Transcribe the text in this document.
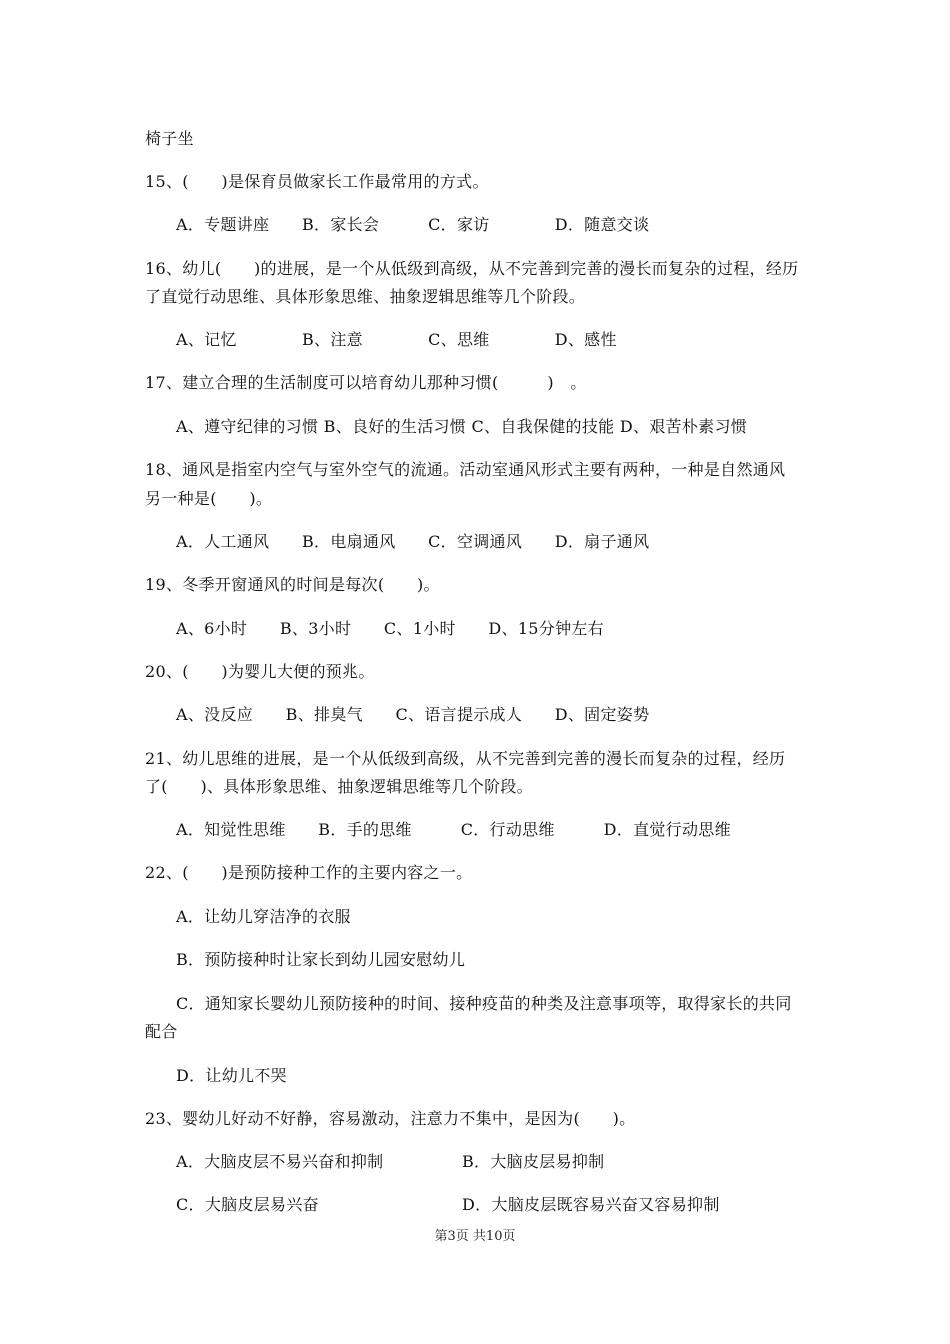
椅子坐
15、(　　)是保育员做家长工作最常用的方式。
A．专题讲座　　B．家长会　　　C．家访　　　　D．随意交谈
16、幼儿(　　)的进展，是一个从低级到高级，从不完善到完善的漫长而复杂的过程，经历
了直觉行动思维、具体形象思维、抽象逻辑思维等几个阶段。
A、记忆　　　　B、注意　　　　C、思维　　　　D、感性
17、建立合理的生活制度可以培育幼儿那种习惯(　　　)　。
A、遵守纪律的习惯 B、良好的生活习惯 C、自我保健的技能 D、艰苦朴素习惯
18、通风是指室内空气与室外空气的流通。活动室通风形式主要有两种，一种是自然通风
另一种是(　　)。
A．人工通风　　B．电扇通风　　C．空调通风　　D．扇子通风
19、冬季开窗通风的时间是每次(　　)。
A、6小时　　B、3小时　　C、1小时　　D、15分钟左右
20、(　　)为婴儿大便的预兆。
A、没反应　　B、排臭气　　C、语言提示成人　　D、固定姿势
21、幼儿思维的进展，是一个从低级到高级，从不完善到完善的漫长而复杂的过程，经历
了(　　)、具体形象思维、抽象逻辑思维等几个阶段。
A．知觉性思维　　B．手的思维　　　C．行动思维　　　D．直觉行动思维
22、(　　)是预防接种工作的主要内容之一。
A．让幼儿穿洁净的衣服
B．预防接种时让家长到幼儿园安慰幼儿
C．通知家长婴幼儿预防接种的时间、接种疫苗的种类及注意事项等，取得家长的共同
配合
D．让幼儿不哭
23、婴幼儿好动不好静，容易激动，注意力不集中，是因为(　　)。
A．大脑皮层不易兴奋和抑制	B．大脑皮层易抑制
C．大脑皮层易兴奋	D．大脑皮层既容易兴奋又容易抑制
第3页 共10页
